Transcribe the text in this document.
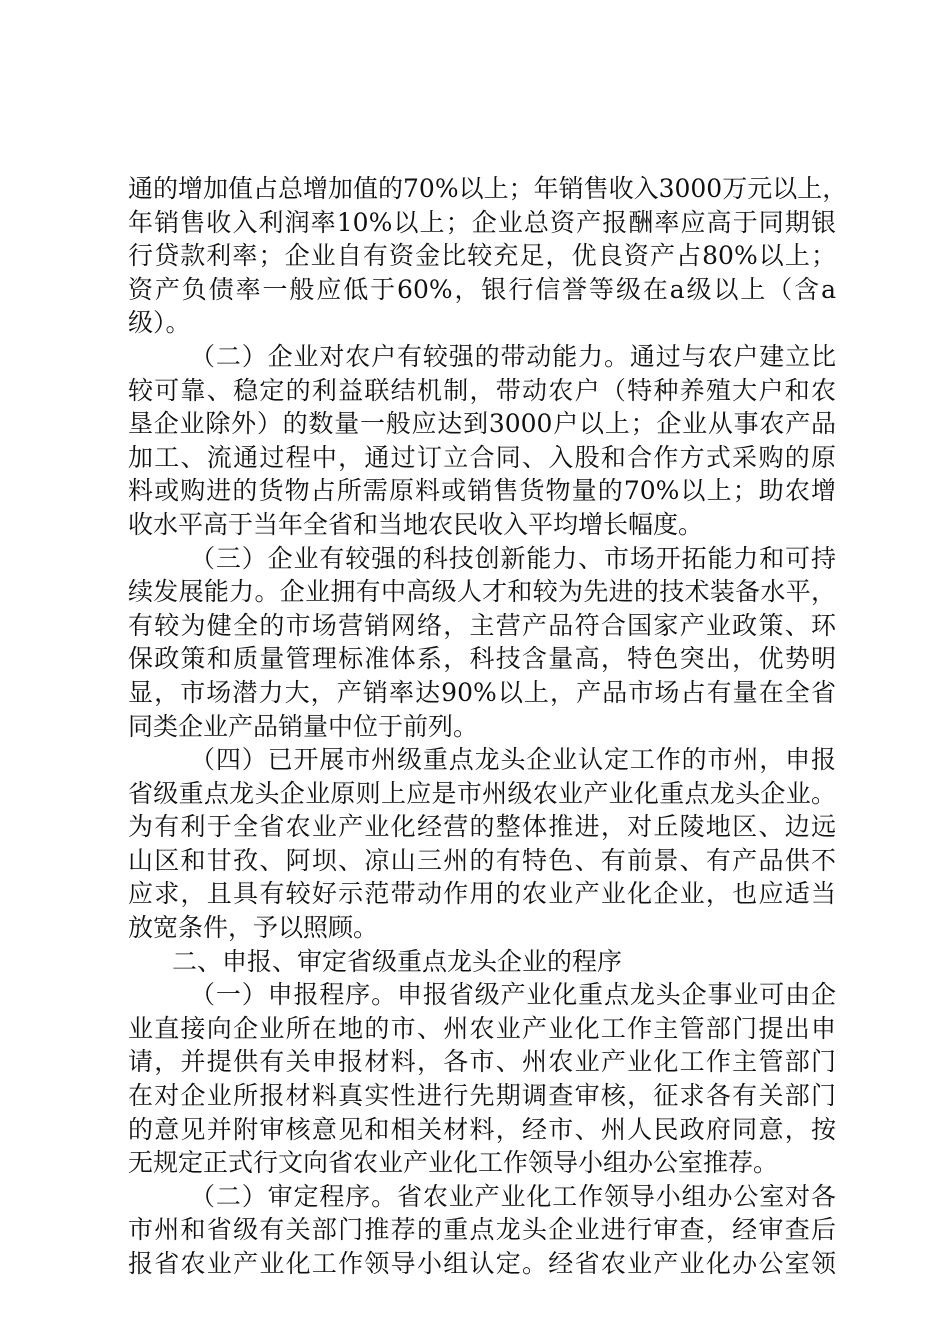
通的增加值占总增加值的70%以上；年销售收入3000万元以上，
年销售收入利润率10%以上；企业总资产报酬率应高于同期银
行贷款利率；企业自有资金比较充足，优良资产占80%以上；
资产负债率一般应低于60%，银行信誉等级在a级以上（含a
级）。
（二）企业对农户有较强的带动能力。通过与农户建立比
较可靠、稳定的利益联结机制，带动农户（特种养殖大户和农
垦企业除外）的数量一般应达到3000户以上；企业从事农产品
加工、流通过程中，通过订立合同、入股和合作方式采购的原
料或购进的货物占所需原料或销售货物量的70%以上；助农增
收水平高于当年全省和当地农民收入平均增长幅度。
（三）企业有较强的科技创新能力、市场开拓能力和可持
续发展能力。企业拥有中高级人才和较为先进的技术装备水平，
有较为健全的市场营销网络，主营产品符合国家产业政策、环
保政策和质量管理标准体系，科技含量高，特色突出，优势明
显，市场潜力大，产销率达90%以上，产品市场占有量在全省
同类企业产品销量中位于前列。
（四）已开展市州级重点龙头企业认定工作的市州，申报
省级重点龙头企业原则上应是市州级农业产业化重点龙头企业。
为有利于全省农业产业化经营的整体推进，对丘陵地区、边远
山区和甘孜、阿坝、凉山三州的有特色、有前景、有产品供不
应求，且具有较好示范带动作用的农业产业化企业，也应适当
放宽条件，予以照顾。
二、申报、审定省级重点龙头企业的程序
（一）申报程序。申报省级产业化重点龙头企事业可由企
业直接向企业所在地的市、州农业产业化工作主管部门提出申
请，并提供有关申报材料，各市、州农业产业化工作主管部门
在对企业所报材料真实性进行先期调查审核，征求各有关部门
的意见并附审核意见和相关材料，经市、州人民政府同意，按
无规定正式行文向省农业产业化工作领导小组办公室推荐。
（二）审定程序。省农业产业化工作领导小组办公室对各
市州和省级有关部门推荐的重点龙头企业进行审查，经审查后
报省农业产业化工作领导小组认定。经省农业产业化办公室领
